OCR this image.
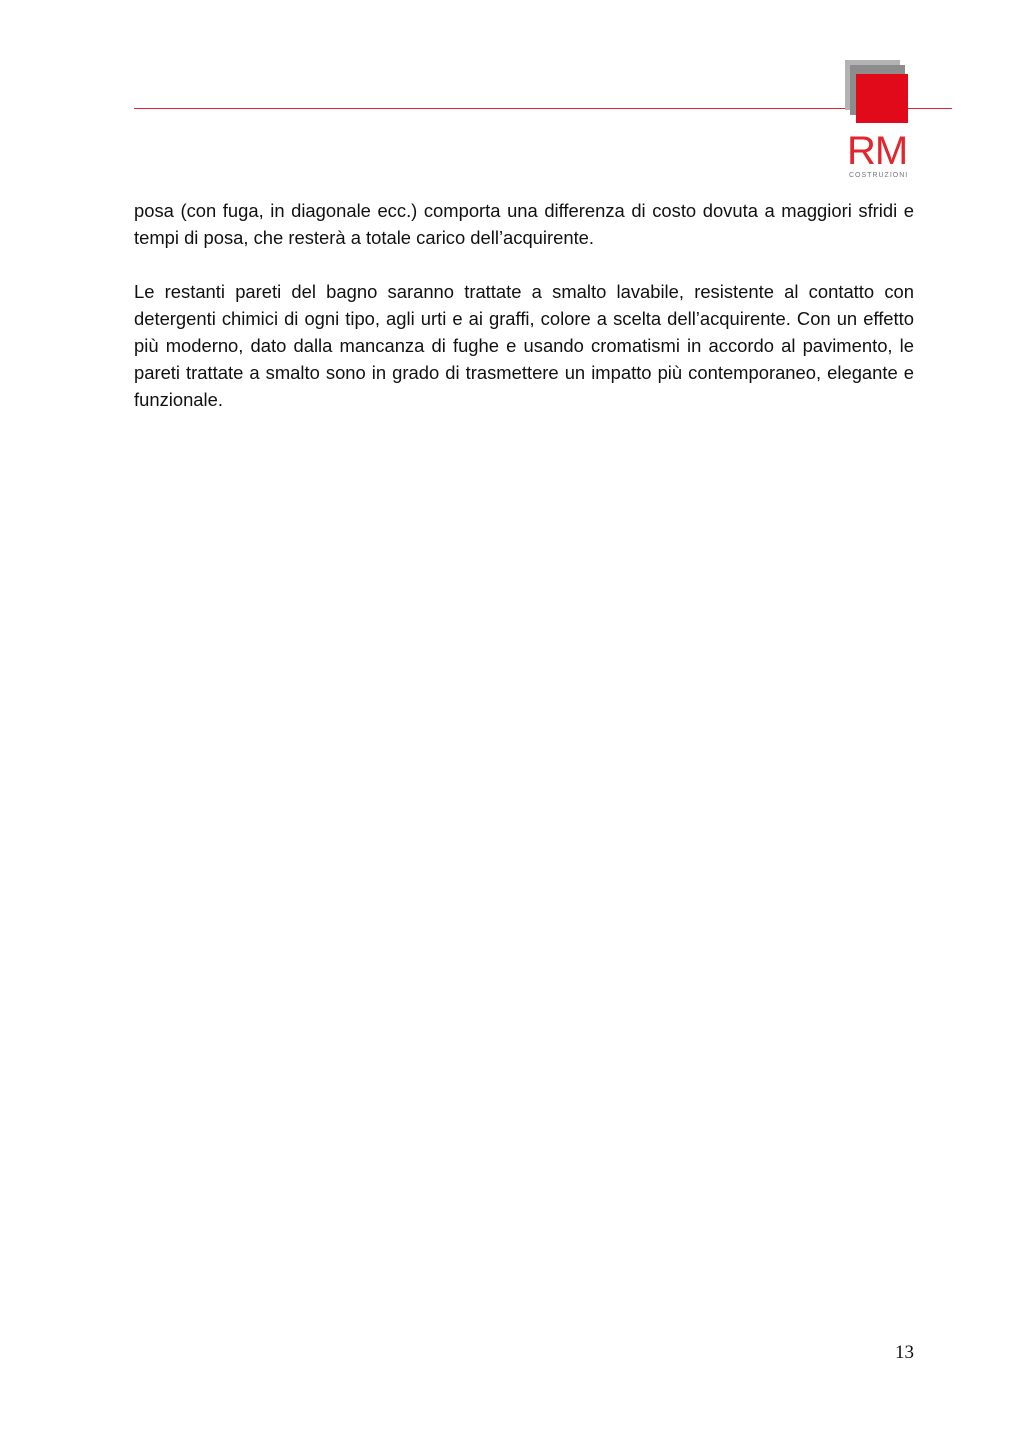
RM
COSTRUZIONI

posa (con fuga, in diagonale ecc.) comporta una differenza di costo dovuta a maggiori sfridi e tempi di posa, che resterà a totale carico dell’acquirente.

Le restanti pareti del bagno saranno trattate a smalto lavabile, resistente al contatto con detergenti chimici di ogni tipo, agli urti e ai graffi, colore a scelta dell’acquirente. Con un effetto più moderno, dato dalla mancanza di fughe e usando cromatismi in accordo al pavimento, le pareti trattate a smalto sono in grado di trasmettere un impatto più contemporaneo, elegante e funzionale.

13
